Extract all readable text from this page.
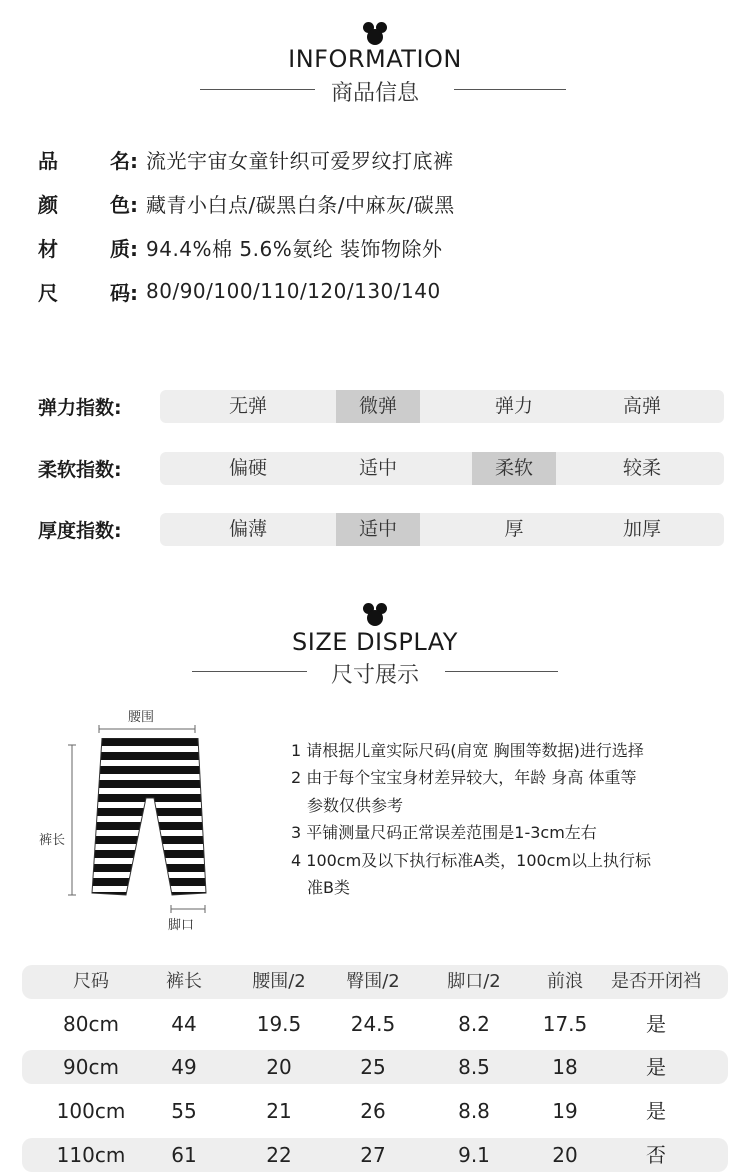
INFORMATION
商品信息
品	名: 流光宇宙女童针织可爱罗纹打底裤
颜	色: 藏青小白点/碳黑白条/中麻灰/碳黑
材	质: 94.4%棉 5.6%氨纶 装饰物除外
尺	码: 80/90/100/110/120/130/140
弹力指数:	无弹	微弹	弹力	高弹
柔软指数:	偏硬	适中	柔软	较柔
厚度指数:	偏薄	适中	厚	加厚
SIZE DISPLAY
尺寸展示
腰围
裤长
脚口
1 请根据儿童实际尺码(肩宽 胸围等数据)进行选择
2 由于每个宝宝身材差异较大，年龄 身高 体重等
参数仅供参考
3 平铺测量尺码正常误差范围是1-3cm左右
4 100cm及以下执行标准A类，100cm以上执行标
准B类
尺码	裤长	腰围/2	臀围/2	脚口/2	前浪	是否开闭裆
80cm	44	19.5	24.5	8.2	17.5	是
90cm	49	20	25	8.5	18	是
100cm	55	21	26	8.8	19	是
110cm	61	22	27	9.1	20	否
